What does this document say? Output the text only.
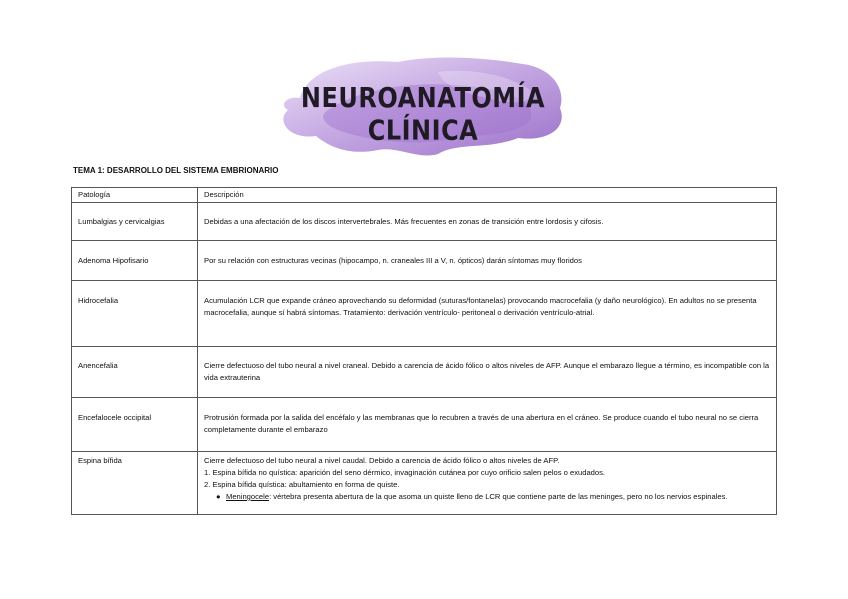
NEUROANATOMÍA CLÍNICA
TEMA 1: DESARROLLO DEL SISTEMA EMBRIONARIO
Patología	Descripción
Lumbalgias y cervicalgias	Debidas a una afectación de los discos intervertebrales. Más frecuentes en zonas de transición entre lordosis y cifosis.
Adenoma Hipofisario	Por su relación con estructuras vecinas (hipocampo, n. craneales III a V, n. ópticos) darán síntomas muy floridos
Hidrocefalia	Acumulación LCR que expande cráneo aprovechando su deformidad (suturas/fontanelas) provocando macrocefalia (y daño neurológico). En adultos no se presenta macrocefalia, aunque sí habrá síntomas. Tratamiento: derivación ventrículo- peritoneal o derivación ventrículo-atrial.
Anencefalia	Cierre defectuoso del tubo neural a nivel craneal. Debido a carencia de ácido fólico o altos niveles de AFP. Aunque el embarazo llegue a término, es incompatible con la vida extrauterina
Encefalocele occipital	Protrusión formada por la salida del encéfalo y las membranas que lo recubren a través de una abertura en el cráneo. Se produce cuando el tubo neural no se cierra completamente durante el embarazo
Espina bífida	Cierre defectuoso del tubo neural a nivel caudal. Debido a carencia de ácido fólico o altos niveles de AFP.
1. Espina bífida no quística: aparición del seno dérmico, invaginación cutánea por cuyo orificio salen pelos o exudados.
2. Espina bífida quística: abultamiento en forma de quiste.
● Meningocele: vértebra presenta abertura de la que asoma un quiste lleno de LCR que contiene parte de las meninges, pero no los nervios espinales.
